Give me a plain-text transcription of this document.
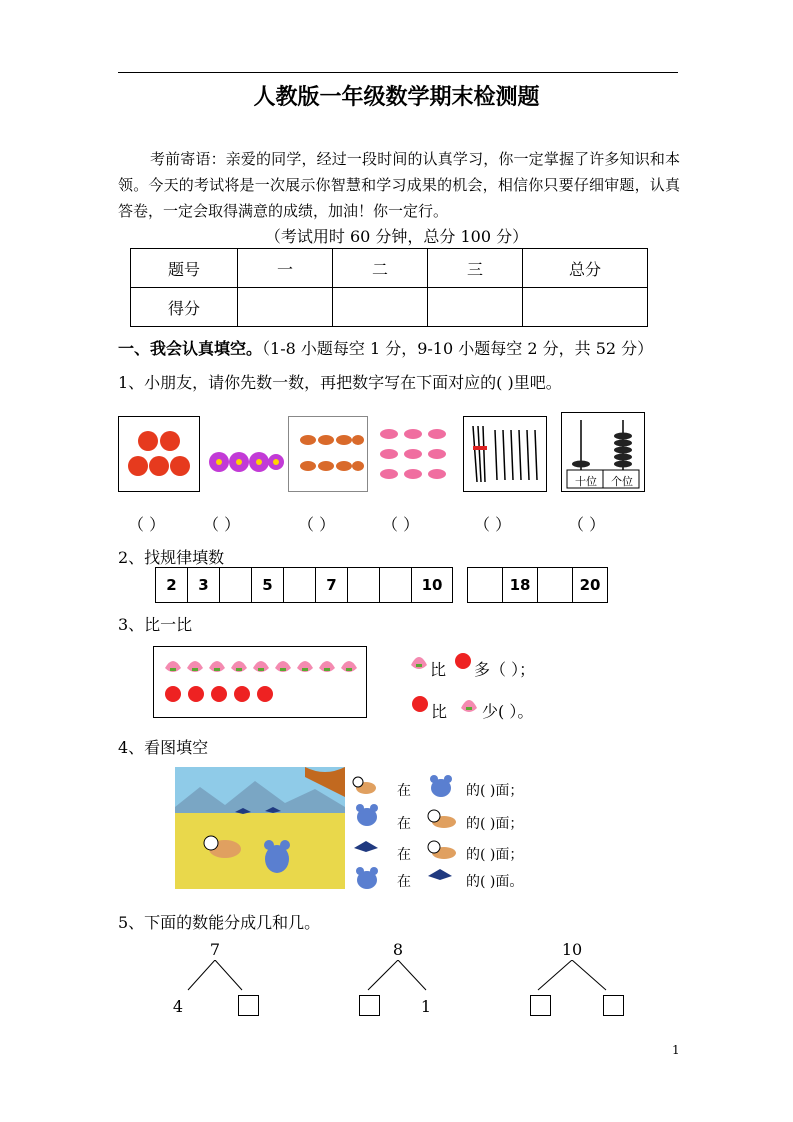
人教版一年级数学期末检测题
考前寄语：亲爱的同学，经过一段时间的认真学习，你一定掌握了许多知识和本领。今天的考试将是一次展示你智慧和学习成果的机会，相信你只要仔细审题，认真答卷，一定会取得满意的成绩，加油！你一定行。
（考试用时 60 分钟，总分 100 分）
题号	一	二	三	总分
得分				
一、我会认真填空。（1-8 小题每空 1 分，9-10 小题每空 2 分，共 52 分）
1、小朋友，请你先数一数，再把数字写在下面对应的( )里吧。
十位	个位
（ ） （ ）	（ ）	（ ）	（ ）	（ ）
2、找规律填数
2	3		5		7			10
		18		20
3、比一比
比 多（ ）；
比 少( ）。
4、看图填空
在	的( )面；
在	的( )面；
在	的( )面；
在	的( )面。
5、下面的数能分成几和几。
7
4
8
1
10
1
